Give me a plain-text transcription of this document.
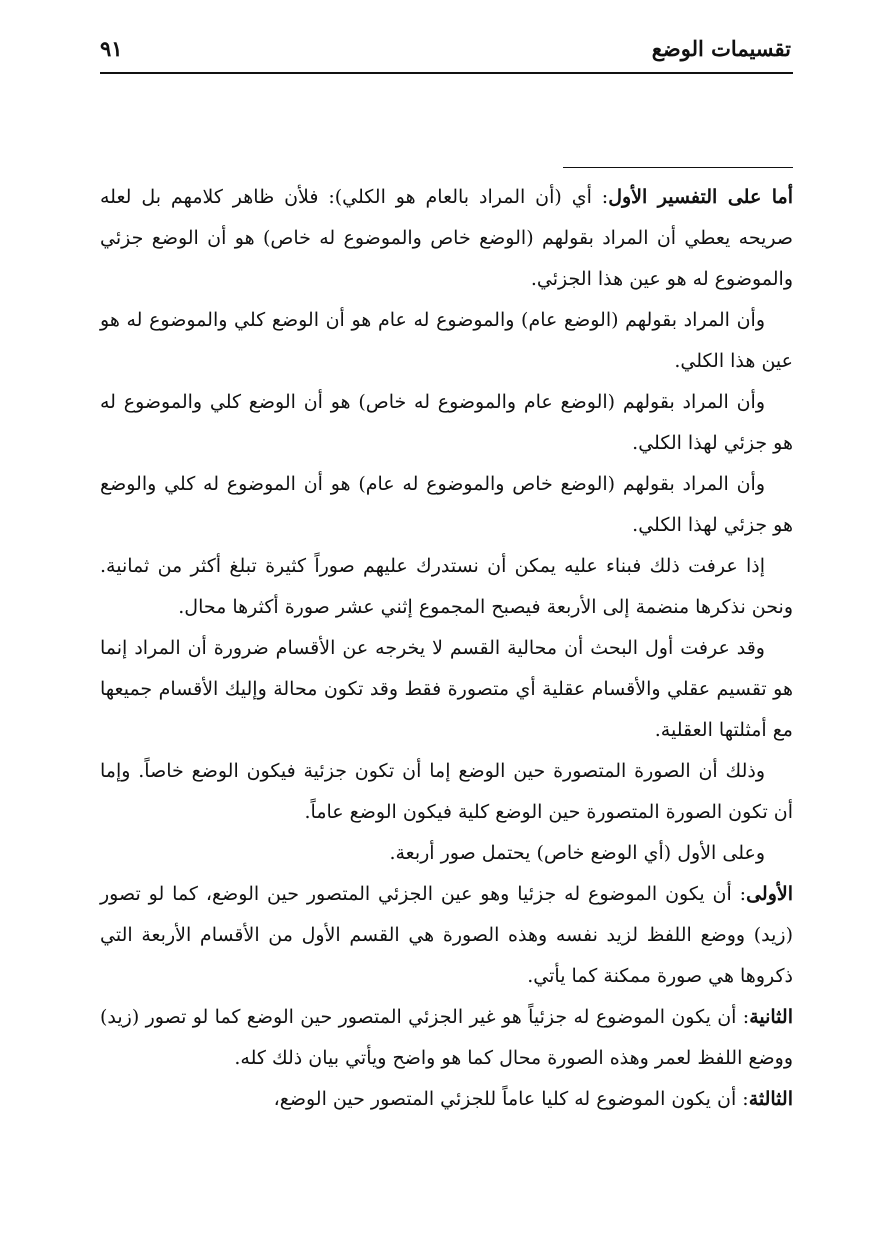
تقسيمات الوضع
٩١

أما على التفسير الأول: أي (أن المراد بالعام هو الكلي): فلأن ظاهر كلامهم بل لعله صريحه يعطي أن المراد بقولهم (الوضع خاص والموضوع له خاص) هو أن الوضع جزئي والموضوع له هو عين هذا الجزئي.

وأن المراد بقولهم (الوضع عام) والموضوع له عام هو أن الوضع كلي والموضوع له هو عين هذا الكلي.

وأن المراد بقولهم (الوضع عام والموضوع له خاص) هو أن الوضع كلي والموضوع له هو جزئي لهذا الكلي.

وأن المراد بقولهم (الوضع خاص والموضوع له عام) هو أن الموضوع له كلي والوضع هو جزئي لهذا الكلي.

إذا عرفت ذلك فبناء عليه يمكن أن نستدرك عليهم صوراً كثيرة تبلغ أكثر من ثمانية. ونحن نذكرها منضمة إلى الأربعة فيصبح المجموع إثني عشر صورة أكثرها محال.

وقد عرفت أول البحث أن محالية القسم لا يخرجه عن الأقسام ضرورة أن المراد إنما هو تقسيم عقلي والأقسام عقلية أي متصورة فقط وقد تكون محالة وإليك الأقسام جميعها مع أمثلتها العقلية.

وذلك أن الصورة المتصورة حين الوضع إما أن تكون جزئية فيكون الوضع خاصاً. وإما أن تكون الصورة المتصورة حين الوضع كلية فيكون الوضع عاماً.

وعلى الأول (أي الوضع خاص) يحتمل صور أربعة.

الأولى: أن يكون الموضوع له جزئيا وهو عين الجزئي المتصور حين الوضع، كما لو تصور (زيد) ووضع اللفظ لزيد نفسه وهذه الصورة هي القسم الأول من الأقسام الأربعة التي ذكروها هي صورة ممكنة كما يأتي.

الثانية: أن يكون الموضوع له جزئياً هو غير الجزئي المتصور حين الوضع كما لو تصور (زيد) ووضع اللفظ لعمر وهذه الصورة محال كما هو واضح ويأتي بيان ذلك كله.

الثالثة: أن يكون الموضوع له كليا عاماً للجزئي المتصور حين الوضع،
